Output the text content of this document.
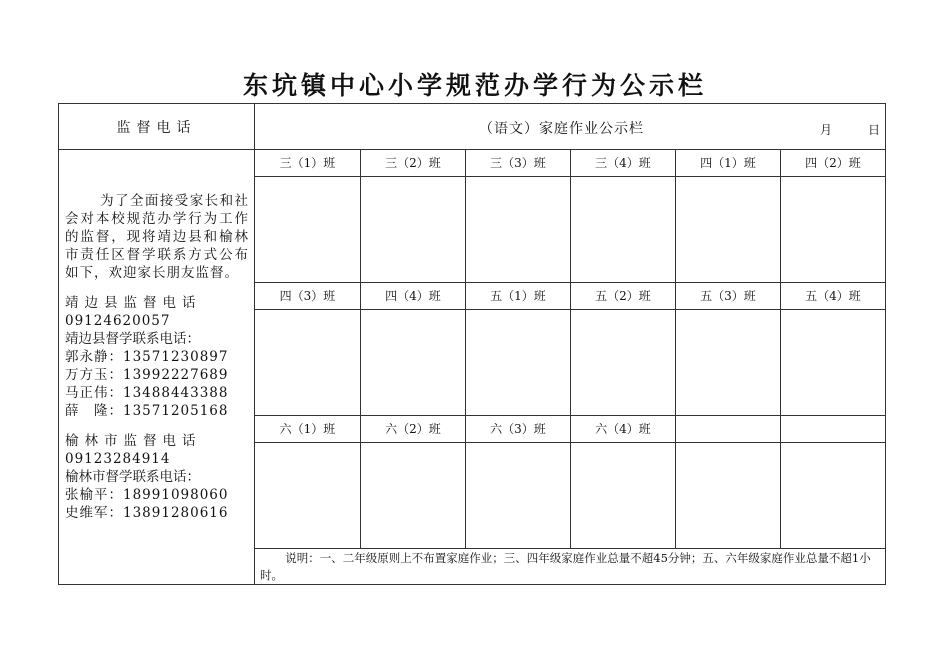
东坑镇中心小学规范办学行为公示栏
监督电话	（语文）家庭作业公示栏	月	日

为了全面接受家长和社会对本校规范办学行为工作的监督，现将靖边县和榆林市责任区督学联系方式公布如下，欢迎家长朋友监督。

靖边县监督电话

09124620057

靖边县督学联系电话：

郭永静：13571230897

万方玉：13992227689

马正伟：13488443388

薛　隆：13571205168

榆林市监督电话

09123284914

榆林市督学联系电话：

张榆平：18991098060

史维军：13891280616

三（1）班	三（2）班	三（3）班	三（4）班	四（1）班	四（2）班
四（3）班	四（4）班	五（1）班	五（2）班	五（3）班	五（4）班
六（1）班	六（2）班	六（3）班	六（4）班
说明：一、二年级原则上不布置家庭作业；三、四年级家庭作业总量不超45分钟；五、六年级家庭作业总量不超1小时。
